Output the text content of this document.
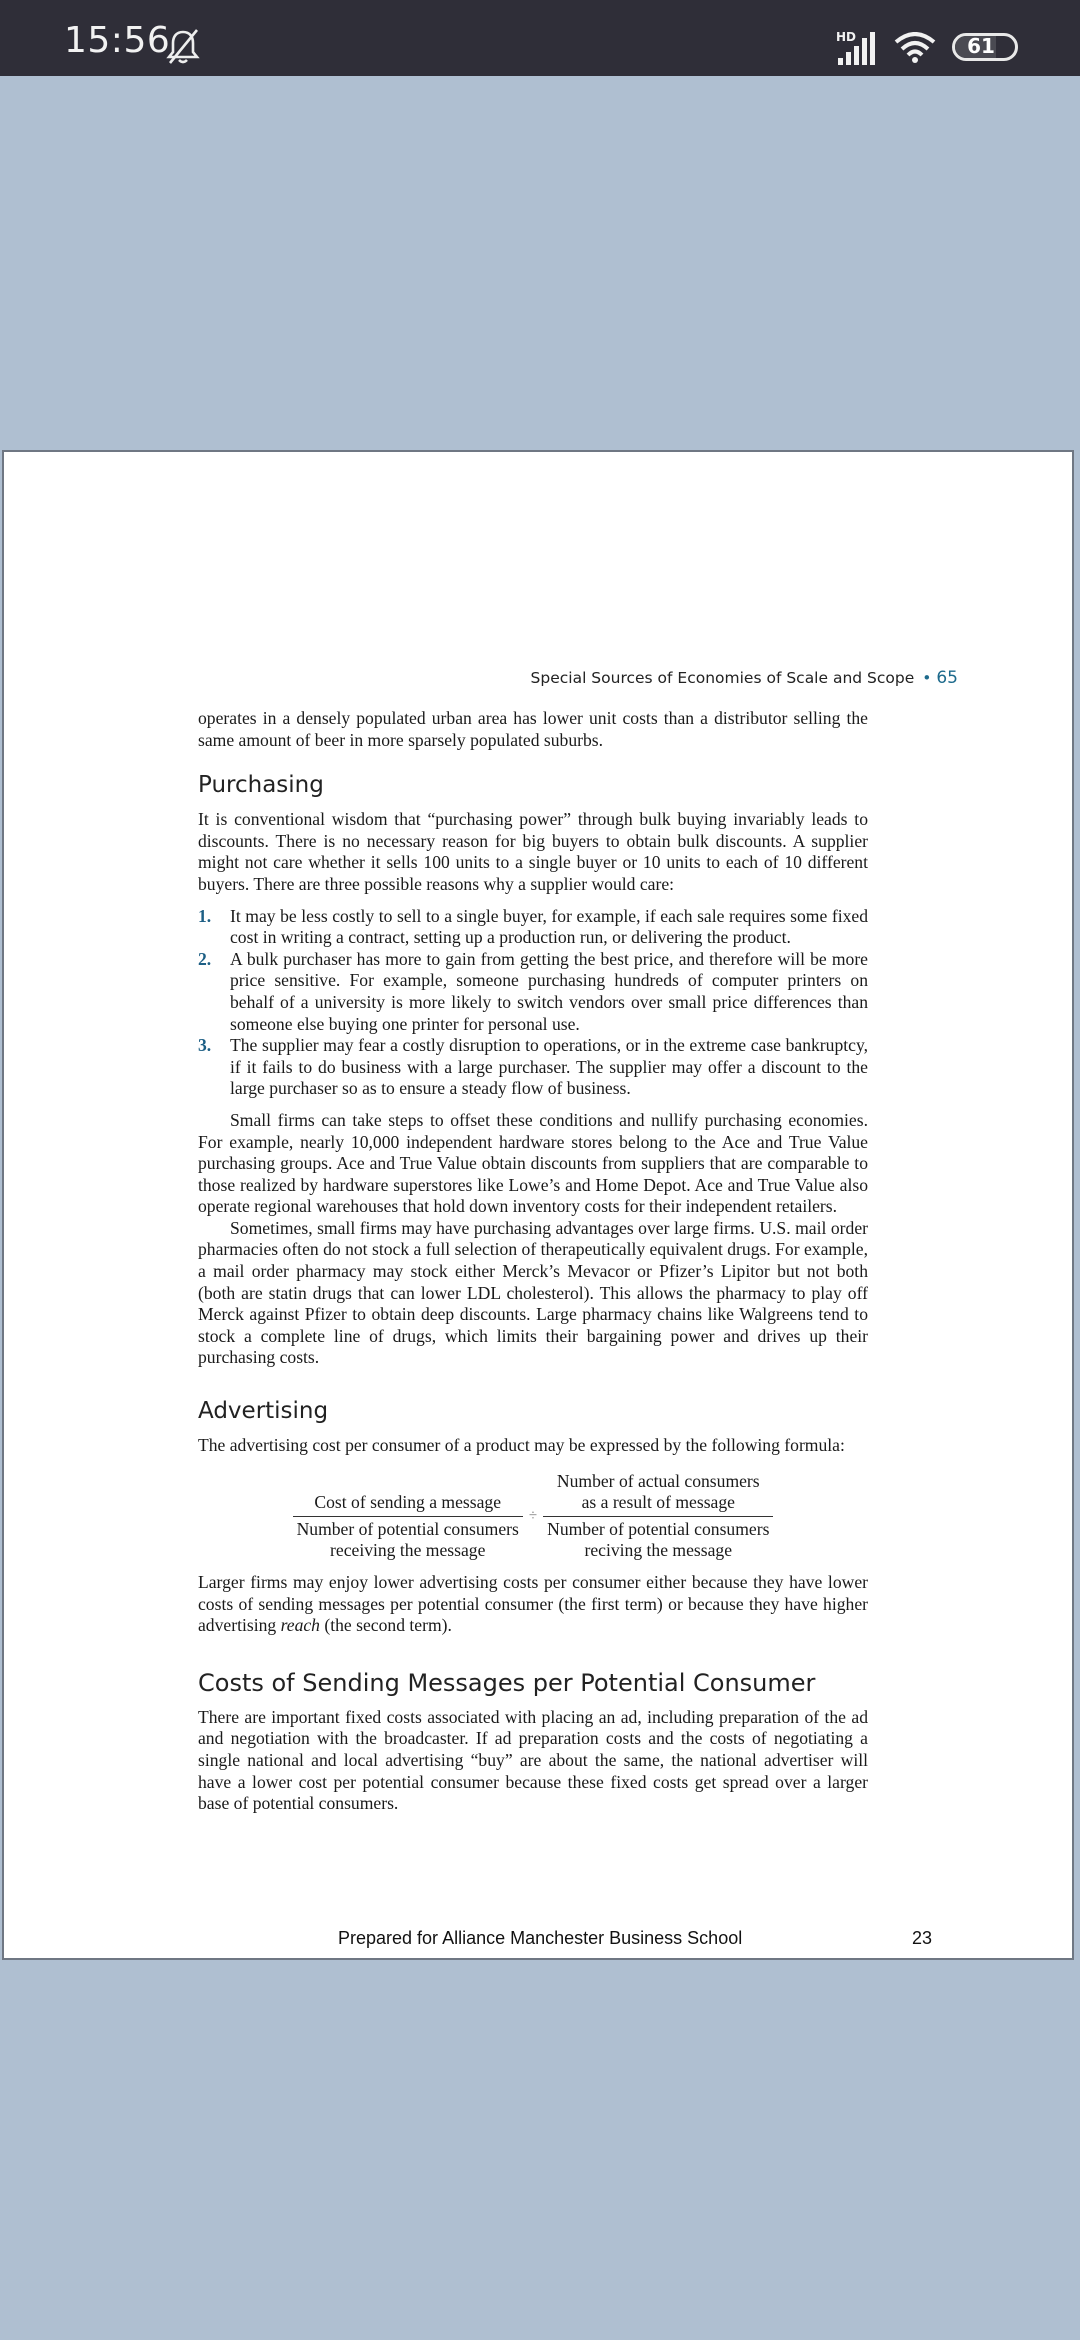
15:56	HD	61
Special Sources of Economies of Scale and Scope • 65

operates in a densely populated urban area has lower unit costs than a distributor selling the same amount of beer in more sparsely populated suburbs.

Purchasing

It is conventional wisdom that “purchasing power” through bulk buying invariably leads to discounts. There is no necessary reason for big buyers to obtain bulk discounts. A supplier might not care whether it sells 100 units to a single buyer or 10 units to each of 10 different buyers. There are three possible reasons why a supplier would care:

1. It may be less costly to sell to a single buyer, for example, if each sale requires some fixed cost in writing a contract, setting up a production run, or delivering the product.
2. A bulk purchaser has more to gain from getting the best price, and therefore will be more price sensitive. For example, someone purchasing hundreds of computer printers on behalf of a university is more likely to switch vendors over small price differences than someone else buying one printer for personal use.
3. The supplier may fear a costly disruption to operations, or in the extreme case bankruptcy, if it fails to do business with a large purchaser. The supplier may offer a discount to the large purchaser so as to ensure a steady flow of business.

Small firms can take steps to offset these conditions and nullify purchasing economies. For example, nearly 10,000 independent hardware stores belong to the Ace and True Value purchasing groups. Ace and True Value obtain discounts from suppliers that are comparable to those realized by hardware superstores like Lowe’s and Home Depot. Ace and True Value also operate regional warehouses that hold down inventory costs for their independent retailers.

Sometimes, small firms may have purchasing advantages over large firms. U.S. mail order pharmacies often do not stock a full selection of therapeutically equivalent drugs. For example, a mail order pharmacy may stock either Merck’s Mevacor or Pfizer’s Lipitor but not both (both are statin drugs that can lower LDL cholesterol). This allows the pharmacy to play off Merck against Pfizer to obtain deep discounts. Large pharmacy chains like Walgreens tend to stock a complete line of drugs, which limits their bargaining power and drives up their purchasing costs.

Advertising

The advertising cost per consumer of a product may be expressed by the following formula:

Cost of sending a message
Number of potential consumers
receiving the message
÷ Number of actual consumers
as a result of message
Number of potential consumers
reciving the message

Larger firms may enjoy lower advertising costs per consumer either because they have lower costs of sending messages per potential consumer (the first term) or because they have higher advertising reach (the second term).

Costs of Sending Messages per Potential Consumer

There are important fixed costs associated with placing an ad, including preparation of the ad and negotiation with the broadcaster. If ad preparation costs and the costs of negotiating a single national and local advertising “buy” are about the same, the national advertiser will have a lower cost per potential consumer because these fixed costs get spread over a larger base of potential consumers.

Prepared for Alliance Manchester Business School	23
